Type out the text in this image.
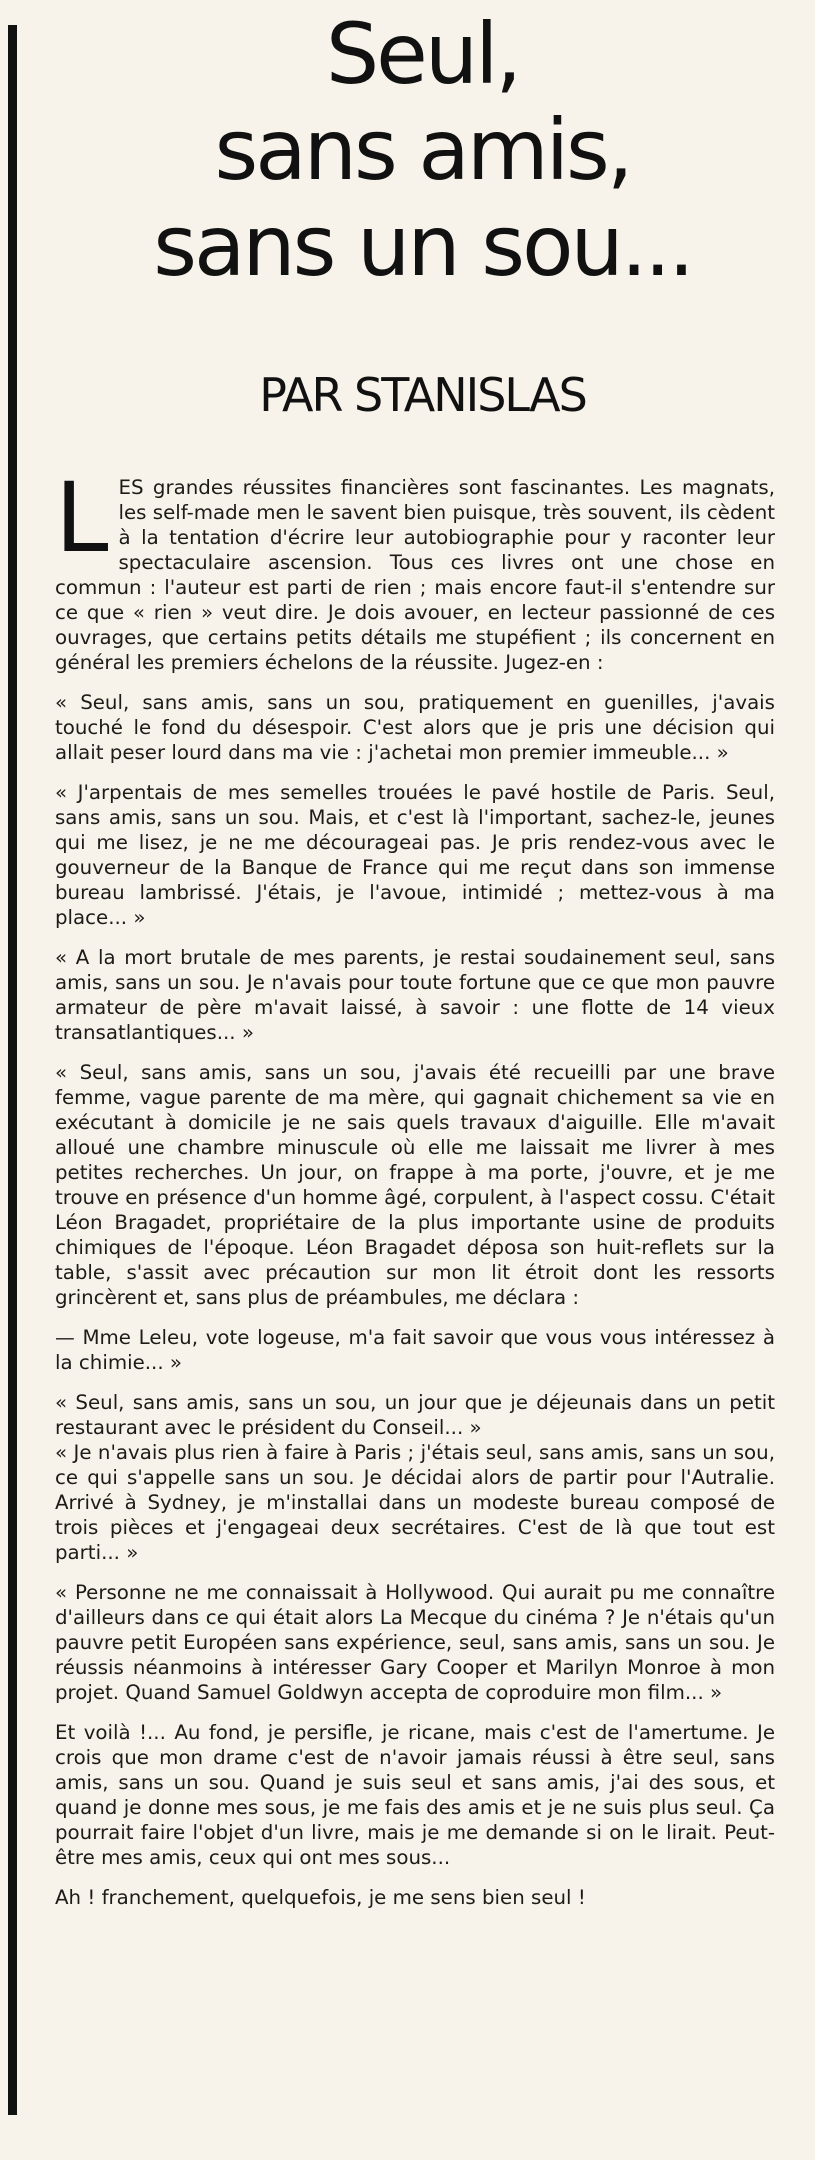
Seul,
sans amis,
sans un sou...
PAR STANISLAS

LES grandes réussites financières sont fascinantes. Les magnats, les self-made men le savent bien puisque, très souvent, ils cèdent à la tentation d'écrire leur autobiographie pour y raconter leur spectaculaire ascension. Tous ces livres ont une chose en commun : l'auteur est parti de rien ; mais encore faut-il s'entendre sur ce que « rien » veut dire. Je dois avouer, en lecteur passionné de ces ouvrages, que certains petits détails me stupéfient ; ils concernent en général les premiers échelons de la réussite. Jugez-en :

« Seul, sans amis, sans un sou, pratiquement en guenilles, j'avais touché le fond du désespoir. C'est alors que je pris une décision qui allait peser lourd dans ma vie : j'achetai mon premier immeuble... »

« J'arpentais de mes semelles trouées le pavé hostile de Paris. Seul, sans amis, sans un sou. Mais, et c'est là l'important, sachez-le, jeunes qui me lisez, je ne me décourageai pas. Je pris rendez-vous avec le gouverneur de la Banque de France qui me reçut dans son immense bureau lambrissé. J'étais, je l'avoue, intimidé ; mettez-vous à ma place... »

« A la mort brutale de mes parents, je restai soudainement seul, sans amis, sans un sou. Je n'avais pour toute fortune que ce que mon pauvre armateur de père m'avait laissé, à savoir : une flotte de 14 vieux transatlantiques... »

« Seul, sans amis, sans un sou, j'avais été recueilli par une brave femme, vague parente de ma mère, qui gagnait chichement sa vie en exécutant à domicile je ne sais quels travaux d'aiguille. Elle m'avait alloué une chambre minuscule où elle me laissait me livrer à mes petites recherches. Un jour, on frappe à ma porte, j'ouvre, et je me trouve en présence d'un homme âgé, corpulent, à l'aspect cossu. C'était Léon Bragadet, propriétaire de la plus importante usine de produits chimiques de l'époque. Léon Bragadet déposa son huit-reflets sur la table, s'assit avec précaution sur mon lit étroit dont les ressorts grincèrent et, sans plus de préambules, me déclara :

— Mme Leleu, vote logeuse, m'a fait savoir que vous vous intéressez à la chimie... »

« Seul, sans amis, sans un sou, un jour que je déjeunais dans un petit restaurant avec le président du Conseil... »
« Je n'avais plus rien à faire à Paris ; j'étais seul, sans amis, sans un sou, ce qui s'appelle sans un sou. Je décidai alors de partir pour l'Autralie. Arrivé à Sydney, je m'installai dans un modeste bureau composé de trois pièces et j'engageai deux secrétaires. C'est de là que tout est parti... »

« Personne ne me connaissait à Hollywood. Qui aurait pu me connaître d'ailleurs dans ce qui était alors La Mecque du cinéma ? Je n'étais qu'un pauvre petit Européen sans expérience, seul, sans amis, sans un sou. Je réussis néanmoins à intéresser Gary Cooper et Marilyn Monroe à mon projet. Quand Samuel Goldwyn accepta de coproduire mon film... »

Et voilà !... Au fond, je persifle, je ricane, mais c'est de l'amertume. Je crois que mon drame c'est de n'avoir jamais réussi à être seul, sans amis, sans un sou. Quand je suis seul et sans amis, j'ai des sous, et quand je donne mes sous, je me fais des amis et je ne suis plus seul. Ça pourrait faire l'objet d'un livre, mais je me demande si on le lirait. Peut-être mes amis, ceux qui ont mes sous...

Ah ! franchement, quelquefois, je me sens bien seul !
